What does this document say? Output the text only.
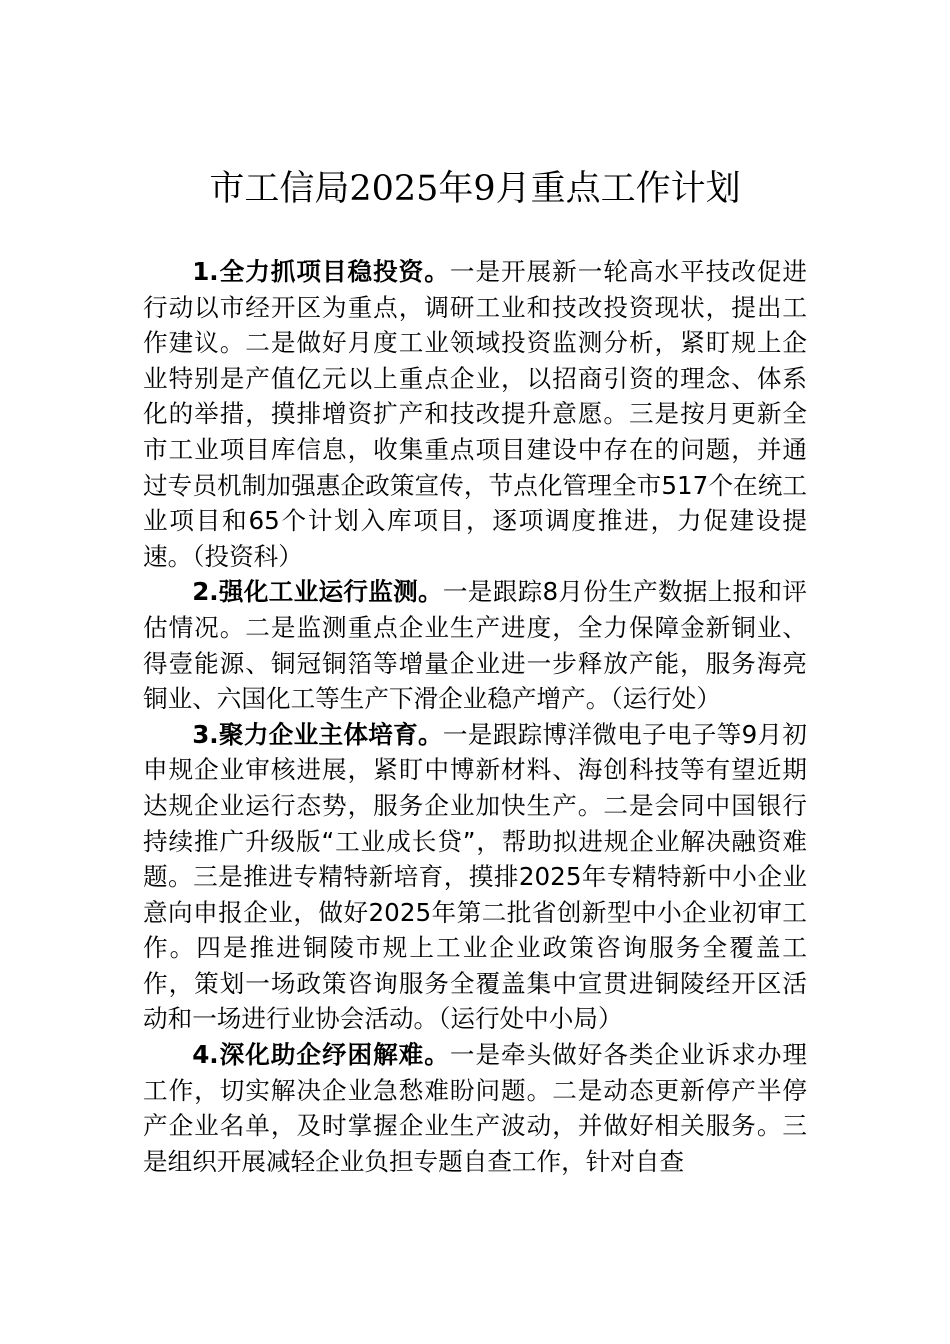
市工信局2025年9月重点工作计划

1.全力抓项目稳投资。一是开展新一轮高水平技改促进行动以市经开区为重点，调研工业和技改投资现状，提出工作建议。二是做好月度工业领域投资监测分析，紧盯规上企业特别是产值亿元以上重点企业，以招商引资的理念、体系化的举措，摸排增资扩产和技改提升意愿。三是按月更新全市工业项目库信息，收集重点项目建设中存在的问题，并通过专员机制加强惠企政策宣传，节点化管理全市517个在统工业项目和65个计划入库项目，逐项调度推进，力促建设提速。（投资科）

2.强化工业运行监测。一是跟踪8月份生产数据上报和评估情况。二是监测重点企业生产进度，全力保障金新铜业、得壹能源、铜冠铜箔等增量企业进一步释放产能，服务海亮铜业、六国化工等生产下滑企业稳产增产。（运行处）

3.聚力企业主体培育。一是跟踪博洋微电子电子等9月初申规企业审核进展，紧盯中博新材料、海创科技等有望近期达规企业运行态势，服务企业加快生产。二是会同中国银行持续推广升级版“工业成长贷”，帮助拟进规企业解决融资难题。三是推进专精特新培育，摸排2025年专精特新中小企业意向申报企业，做好2025年第二批省创新型中小企业初审工作。四是推进铜陵市规上工业企业政策咨询服务全覆盖工作，策划一场政策咨询服务全覆盖集中宣贯进铜陵经开区活动和一场进行业协会活动。（运行处中小局）

4.深化助企纾困解难。一是牵头做好各类企业诉求办理工作，切实解决企业急愁难盼问题。二是动态更新停产半停产企业名单，及时掌握企业生产波动，并做好相关服务。三是组织开展减轻企业负担专题自查工作，针对自查
